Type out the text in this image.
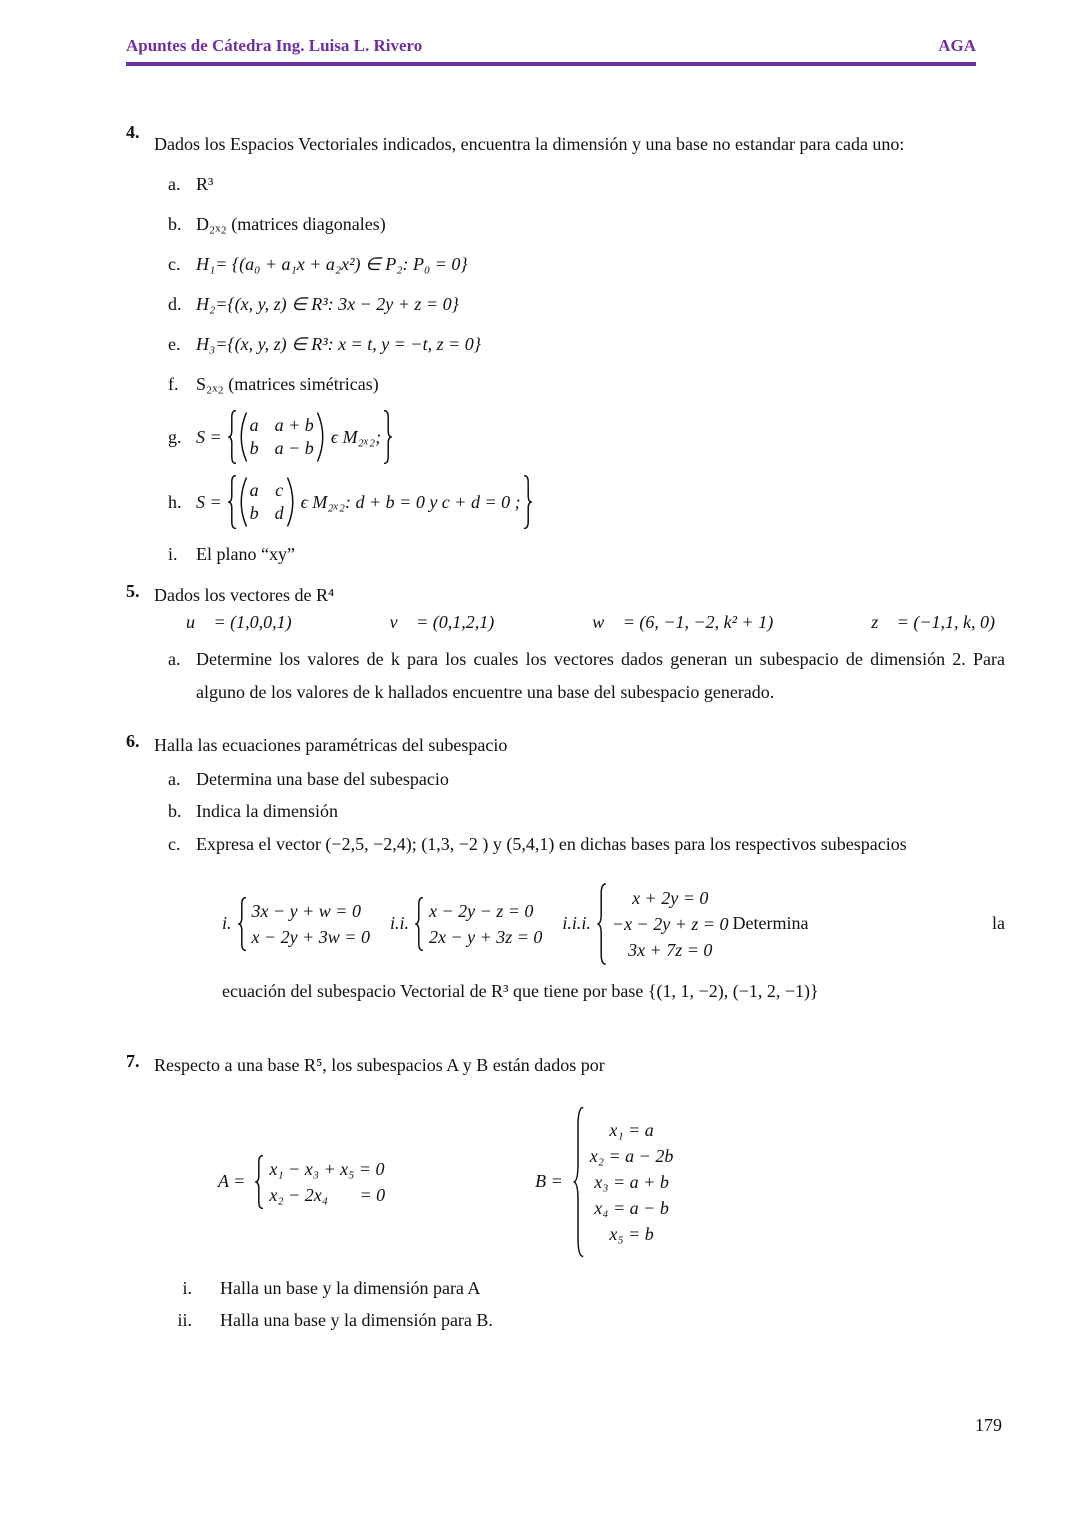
Apuntes de Cátedra Ing. Luisa L. Rivero	AGA
4.
Dados los Espacios Vectoriales indicados, encuentra la dimensión y una base no estandar para cada uno:
a. R³
b. D₂ₓ₂ (matrices diagonales)
c. H₁= {(a₀ + a₁x + a₂x²) ∈ P₂: P₀ = 0}
d. H₂={(x, y, z) ∈ R³: 3x − 2y + z = 0}
e. H₃={(x, y, z) ∈ R³: x = t, y = −t, z = 0}
f. S₂ₓ₂ (matrices simétricas)
g. S =
a a + b
b a − b
ϵ M₂ₓ₂;
h. S =
a c
b d
ϵ M₂ₓ₂: d + b = 0 y c + d = 0 ;
i.	El plano “xy”
5. Dados los vectores de R⁴
u⃗ = (1,0,0,1)	v⃗ = (0,1,2,1)	w⃗ = (6, −1, −2, k² + 1)	z⃗ = (−1,1, k, 0)
a. Determine los valores de k para los cuales los vectores dados generan un subespacio de dimensión 2. Para alguno de los valores de k hallados encuentre una base del subespacio generado.
6. Halla las ecuaciones paramétricas del subespacio
a. Determina una base del subespacio
b. Indica la dimensión
c. Expresa el vector (−2,5, −2,4); (1,3, −2 ) y (5,4,1) en dichas bases para los respectivos subespacios
i.
3x − y + w = 0
x − 2y + 3w = 0
i.i.
x − 2y − z = 0
2x − y + 3z = 0
i.i.i.
x + 2y = 0
−x − 2y + z = 0
3x + 7z = 0
Determina	la
ecuación del subespacio Vectorial de R³ que tiene por base {(1, 1, −2), (−1, 2, −1)}
7. Respecto a una base R⁵, los subespacios A y B están dados por
A =
x₁ − x₃ + x₅ = 0
x₂ − 2x₄       = 0
B =
x₁ = a
x₂ = a − 2b
x₃ = a + b
x₄ = a − b
x₅ = b
i. Halla un base y la dimensión para A
ii. Halla una base y la dimensión para B.
179
